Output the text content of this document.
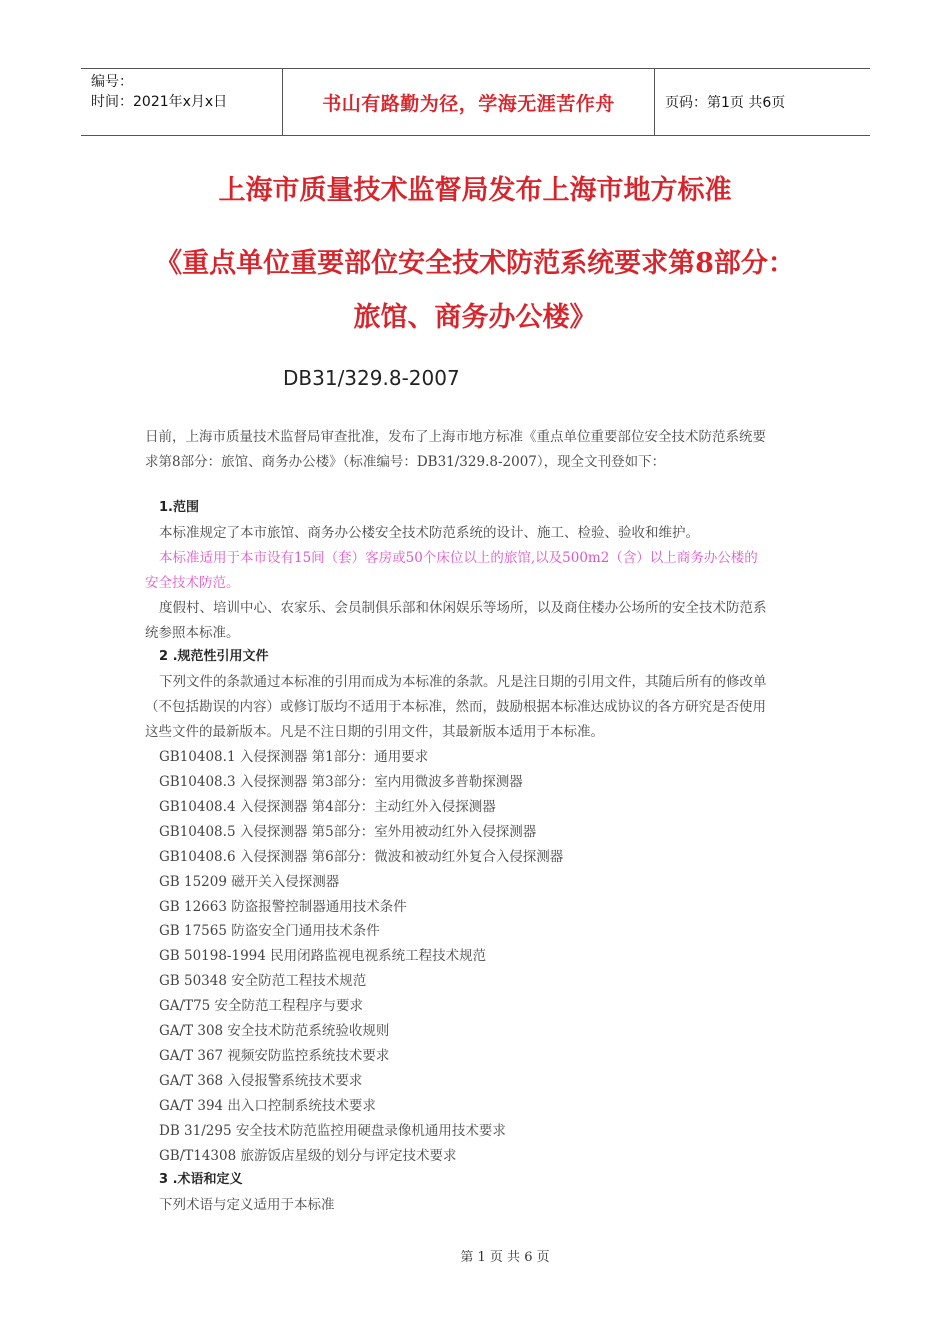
编号：
时间：2021年x月x日	书山有路勤为径，学海无涯苦作舟	页码：第1页 共6页
上海市质量技术监督局发布上海市地方标准
《重点单位重要部位安全技术防范系统要求第8部分：
旅馆、商务办公楼》
DB31/329.8-2007
日前，上海市质量技术监督局审查批准，发布了上海市地方标准《重点单位重要部位安全技术防范系统要
求第8部分：旅馆、商务办公楼》（标准编号：DB31/329.8-2007），现全文刊登如下：
1.范围
本标准规定了本市旅馆、商务办公楼安全技术防范系统的设计、施工、检验、验收和维护。
本标准适用于本市设有15间（套）客房或50个床位以上的旅馆,以及500m2（含）以上商务办公楼的
安全技术防范。
度假村、培训中心、农家乐、会员制俱乐部和休闲娱乐等场所，以及商住楼办公场所的安全技术防范系
统参照本标准。
2 .规范性引用文件
下列文件的条款通过本标准的引用而成为本标准的条款。凡是注日期的引用文件，其随后所有的修改单
（不包括勘误的内容）或修订版均不适用于本标准，然而，鼓励根据本标准达成协议的各方研究是否使用
这些文件的最新版本。凡是不注日期的引用文件，其最新版本适用于本标准。
GB10408.1 入侵探测器 第1部分：通用要求
GB10408.3 入侵探测器 第3部分：室内用微波多普勒探测器
GB10408.4 入侵探测器 第4部分：主动红外入侵探测器
GB10408.5 入侵探测器 第5部分：室外用被动红外入侵探测器
GB10408.6 入侵探测器 第6部分：微波和被动红外复合入侵探测器
GB 15209 磁开关入侵探测器
GB 12663 防盗报警控制器通用技术条件
GB 17565 防盗安全门通用技术条件
GB 50198-1994 民用闭路监视电视系统工程技术规范
GB 50348 安全防范工程技术规范
GA/T75 安全防范工程程序与要求
GA/T 308 安全技术防范系统验收规则
GA/T 367 视频安防监控系统技术要求
GA/T 368 入侵报警系统技术要求
GA/T 394 出入口控制系统技术要求
DB 31/295 安全技术防范监控用硬盘录像机通用技术要求
GB/T14308 旅游饭店星级的划分与评定技术要求
3 .术语和定义
下列术语与定义适用于本标准
第 1 页 共 6 页
